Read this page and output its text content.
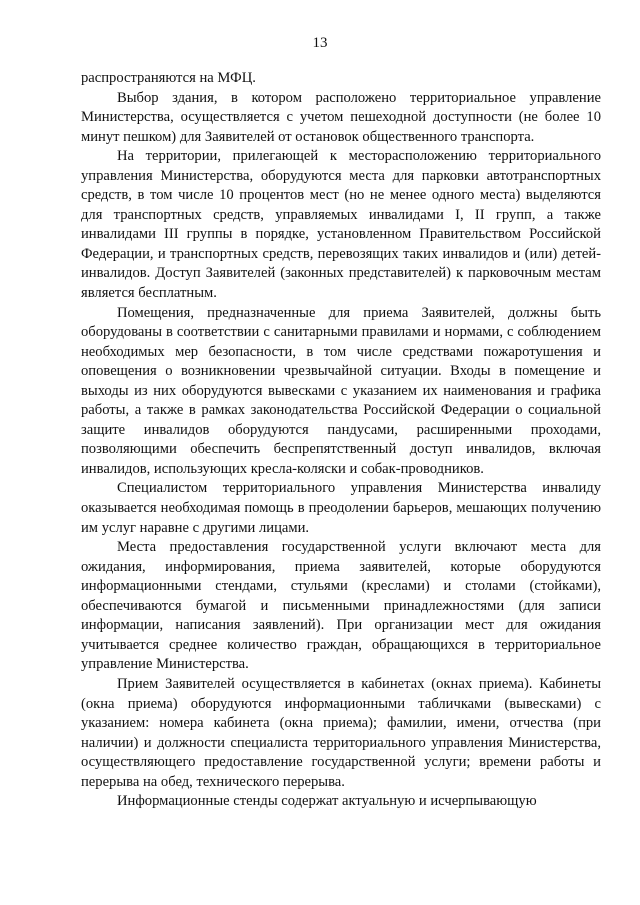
13

распространяются на МФЦ.

Выбор здания, в котором расположено территориальное управление Министерства, осуществляется с учетом пешеходной доступности (не более 10 минут пешком) для Заявителей от остановок общественного транспорта.

На территории, прилегающей к месторасположению территориального управления Министерства, оборудуются места для парковки автотранспортных средств, в том числе 10 процентов мест (но не менее одного места) выделяются для транспортных средств, управляемых инвалидами I, II групп, а также инвалидами III группы в порядке, установленном Правительством Российской Федерации, и транспортных средств, перевозящих таких инвалидов и (или) детей-инвалидов. Доступ Заявителей (законных представителей) к парковочным местам является бесплатным.

Помещения, предназначенные для приема Заявителей, должны быть оборудованы в соответствии с санитарными правилами и нормами, с соблюдением необходимых мер безопасности, в том числе средствами пожаротушения и оповещения о возникновении чрезвычайной ситуации. Входы в помещение и выходы из них оборудуются вывесками с указанием их наименования и графика работы, а также в рамках законодательства Российской Федерации о социальной защите инвалидов оборудуются пандусами, расширенными проходами, позволяющими обеспечить беспрепятственный доступ инвалидов, включая инвалидов, использующих кресла-коляски и собак-проводников.

Специалистом территориального управления Министерства инвалиду оказывается необходимая помощь в преодолении барьеров, мешающих получению им услуг наравне с другими лицами.

Места предоставления государственной услуги включают места для ожидания, информирования, приема заявителей, которые оборудуются информационными стендами, стульями (креслами) и столами (стойками), обеспечиваются бумагой и письменными принадлежностями (для записи информации, написания заявлений). При организации мест для ожидания учитывается среднее количество граждан, обращающихся в территориальное управление Министерства.

Прием Заявителей осуществляется в кабинетах (окнах приема). Кабинеты (окна приема) оборудуются информационными табличками (вывесками) с указанием: номера кабинета (окна приема); фамилии, имени, отчества (при наличии) и должности специалиста территориального управления Министерства, осуществляющего предоставление государственной услуги; времени работы и перерыва на обед, технического перерыва.

Информационные стенды содержат актуальную и исчерпывающую
